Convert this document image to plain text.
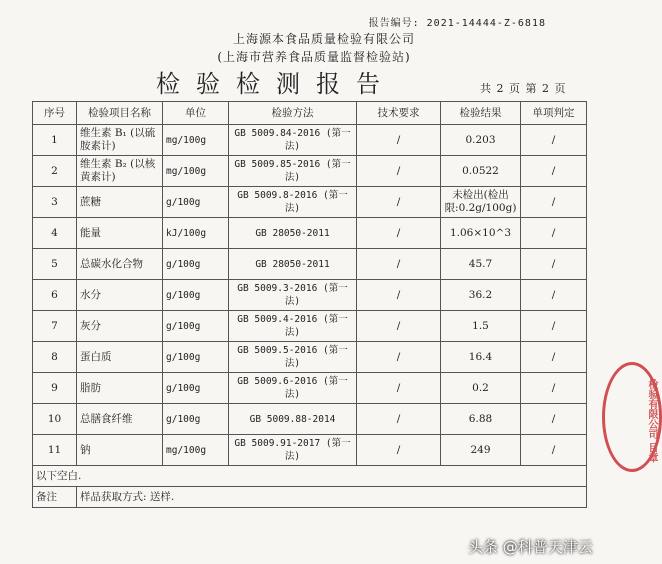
报告编号: 2021-14444-Z-6818
上海源本食品质量检验有限公司
(上海市营养食品质量监督检验站)
检验检测报告	共 2 页 第 2 页
序号	检验项目名称	单位	检验方法	技术要求	检验结果	单项判定
1	维生素 B₁ (以硫胺素计)	mg/100g	GB 5009.84-2016 (第一法)	/	0.203	/
2	维生素 B₂ (以核黄素计)	mg/100g	GB 5009.85-2016 (第一法)	/	0.0522	/
3	蔗糖	g/100g	GB 5009.8-2016 (第一法)	/	未检出(检出限:0.2g/100g)	/
4	能量	kJ/100g	GB 28050-2011	/	1.06×10^3	/
5	总碳水化合物	g/100g	GB 28050-2011	/	45.7	/
6	水分	g/100g	GB 5009.3-2016 (第一法)	/	36.2	/
7	灰分	g/100g	GB 5009.4-2016 (第一法)	/	1.5	/
8	蛋白质	g/100g	GB 5009.5-2016 (第一法)	/	16.4	/
9	脂肪	g/100g	GB 5009.6-2016 (第一法)	/	0.2	/
10	总膳食纤维	g/100g	GB 5009.88-2014	/	6.88	/
11	钠	mg/100g	GB 5009.91-2017 (第一法)	/	249	/
以下空白.						
备注	样品获取方式: 送样.					
检验有限公司 目章
头条 @科普天津云
